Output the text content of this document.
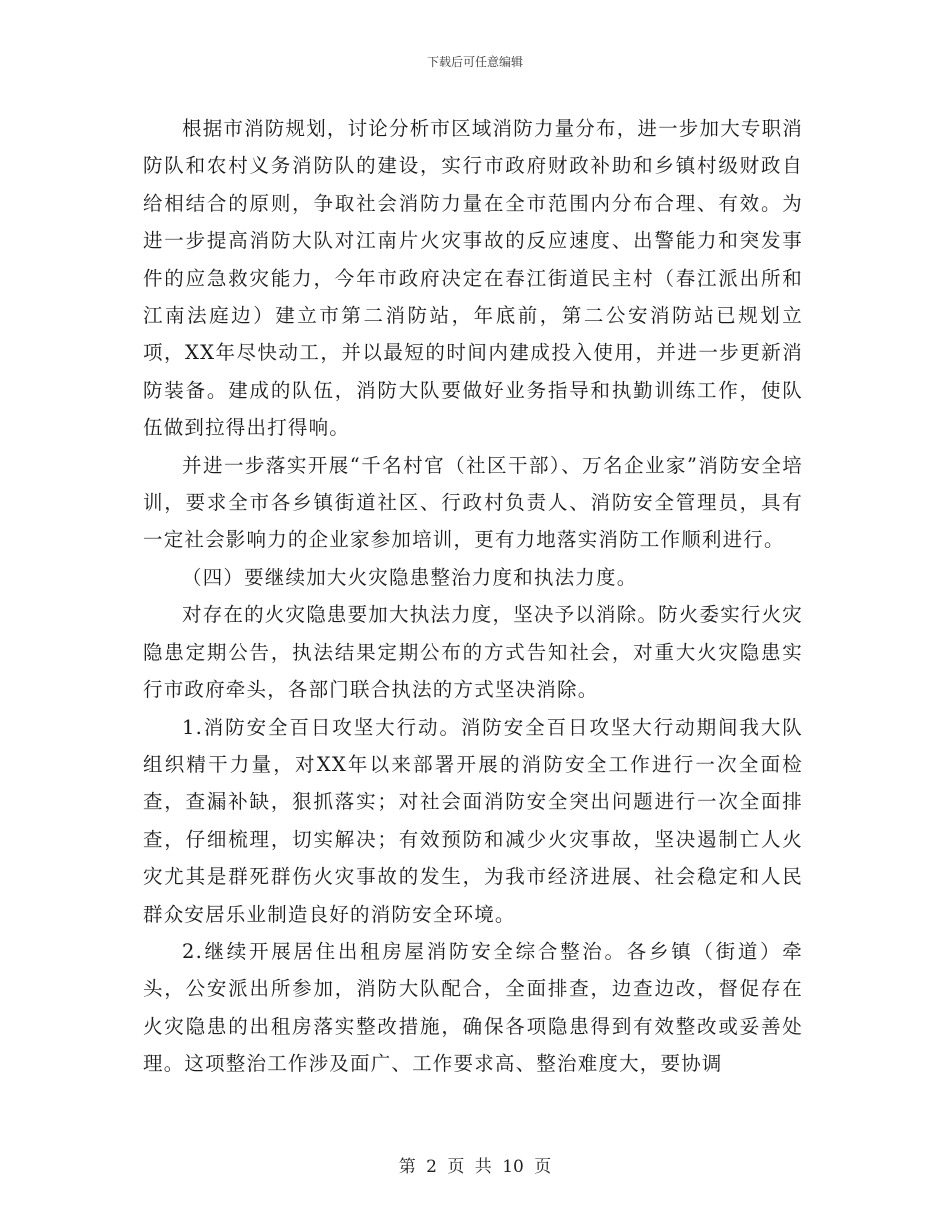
下载后可任意编辑

根据市消防规划，讨论分析市区域消防力量分布，进一步加大专职消防队和农村义务消防队的建设，实行市政府财政补助和乡镇村级财政自给相结合的原则，争取社会消防力量在全市范围内分布合理、有效。为进一步提高消防大队对江南片火灾事故的反应速度、出警能力和突发事件的应急救灾能力，今年市政府决定在春江街道民主村（春江派出所和江南法庭边）建立市第二消防站，年底前，第二公安消防站已规划立项，XX年尽快动工，并以最短的时间内建成投入使用，并进一步更新消防装备。建成的队伍，消防大队要做好业务指导和执勤训练工作，使队伍做到拉得出打得响。

并进一步落实开展“千名村官（社区干部）、万名企业家”消防安全培训，要求全市各乡镇街道社区、行政村负责人、消防安全管理员，具有一定社会影响力的企业家参加培训，更有力地落实消防工作顺利进行。

（四）要继续加大火灾隐患整治力度和执法力度。

对存在的火灾隐患要加大执法力度，坚决予以消除。防火委实行火灾隐患定期公告，执法结果定期公布的方式告知社会，对重大火灾隐患实行市政府牵头，各部门联合执法的方式坚决消除。

1.消防安全百日攻坚大行动。消防安全百日攻坚大行动期间我大队组织精干力量，对XX年以来部署开展的消防安全工作进行一次全面检查，查漏补缺，狠抓落实；对社会面消防安全突出问题进行一次全面排查，仔细梳理，切实解决；有效预防和减少火灾事故，坚决遏制亡人火灾尤其是群死群伤火灾事故的发生，为我市经济进展、社会稳定和人民群众安居乐业制造良好的消防安全环境。

2.继续开展居住出租房屋消防安全综合整治。各乡镇（街道）牵头，公安派出所参加，消防大队配合，全面排查，边查边改，督促存在火灾隐患的出租房落实整改措施，确保各项隐患得到有效整改或妥善处理。这项整治工作涉及面广、工作要求高、整治难度大，要协调

第 2 页 共 10 页
